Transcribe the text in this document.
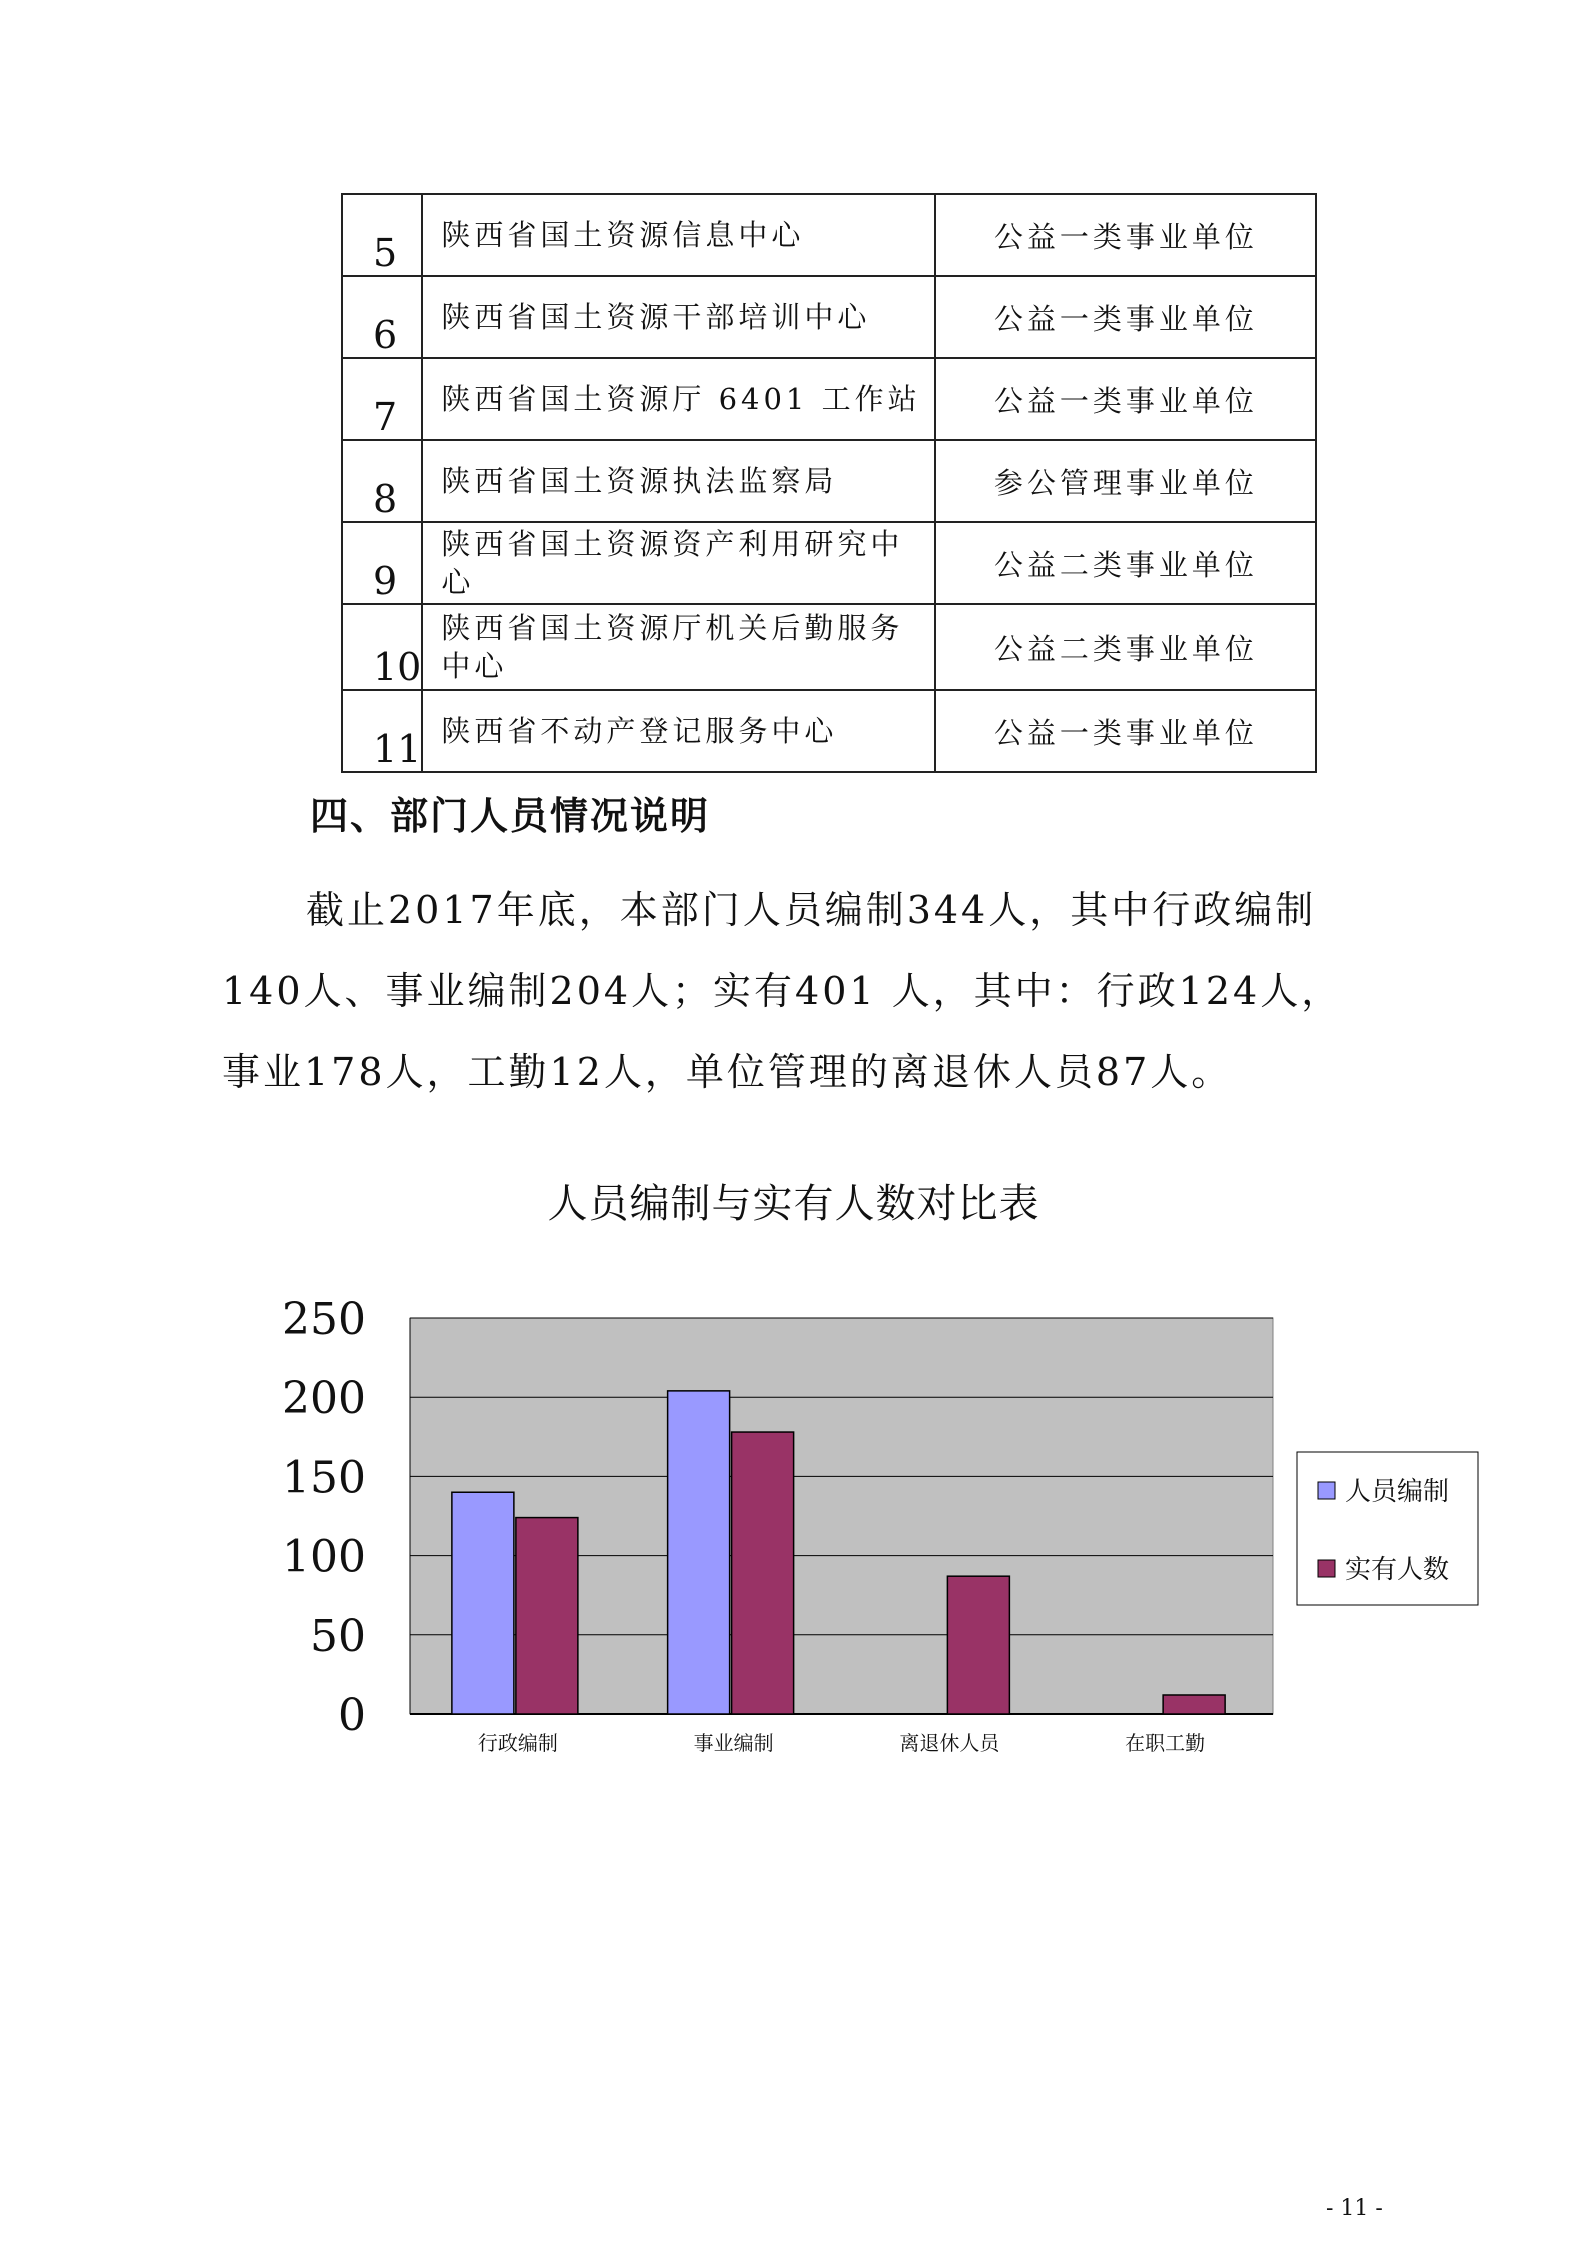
5	陕西省国土资源信息中心	公益一类事业单位
6	陕西省国土资源干部培训中心	公益一类事业单位
7	陕西省国土资源厅 6401 工作站	公益一类事业单位
8	陕西省国土资源执法监察局	参公管理事业单位
9	陕西省国土资源资产利用研究中心	公益二类事业单位
10	陕西省国土资源厅机关后勤服务中心	公益二类事业单位
11	陕西省不动产登记服务中心	公益一类事业单位
四、部门人员情况说明
截止2017年底，本部门人员编制344人，其中行政编制140人、事业编制204人；实有401 人，其中：行政124人，事业178人，工勤12人，单位管理的离退休人员87人。
人员编制与实有人数对比表
0
50
100
150
200
250
行政编制	事业编制	离退休人员	在职工勤
人员编制
实有人数
- 11 -
